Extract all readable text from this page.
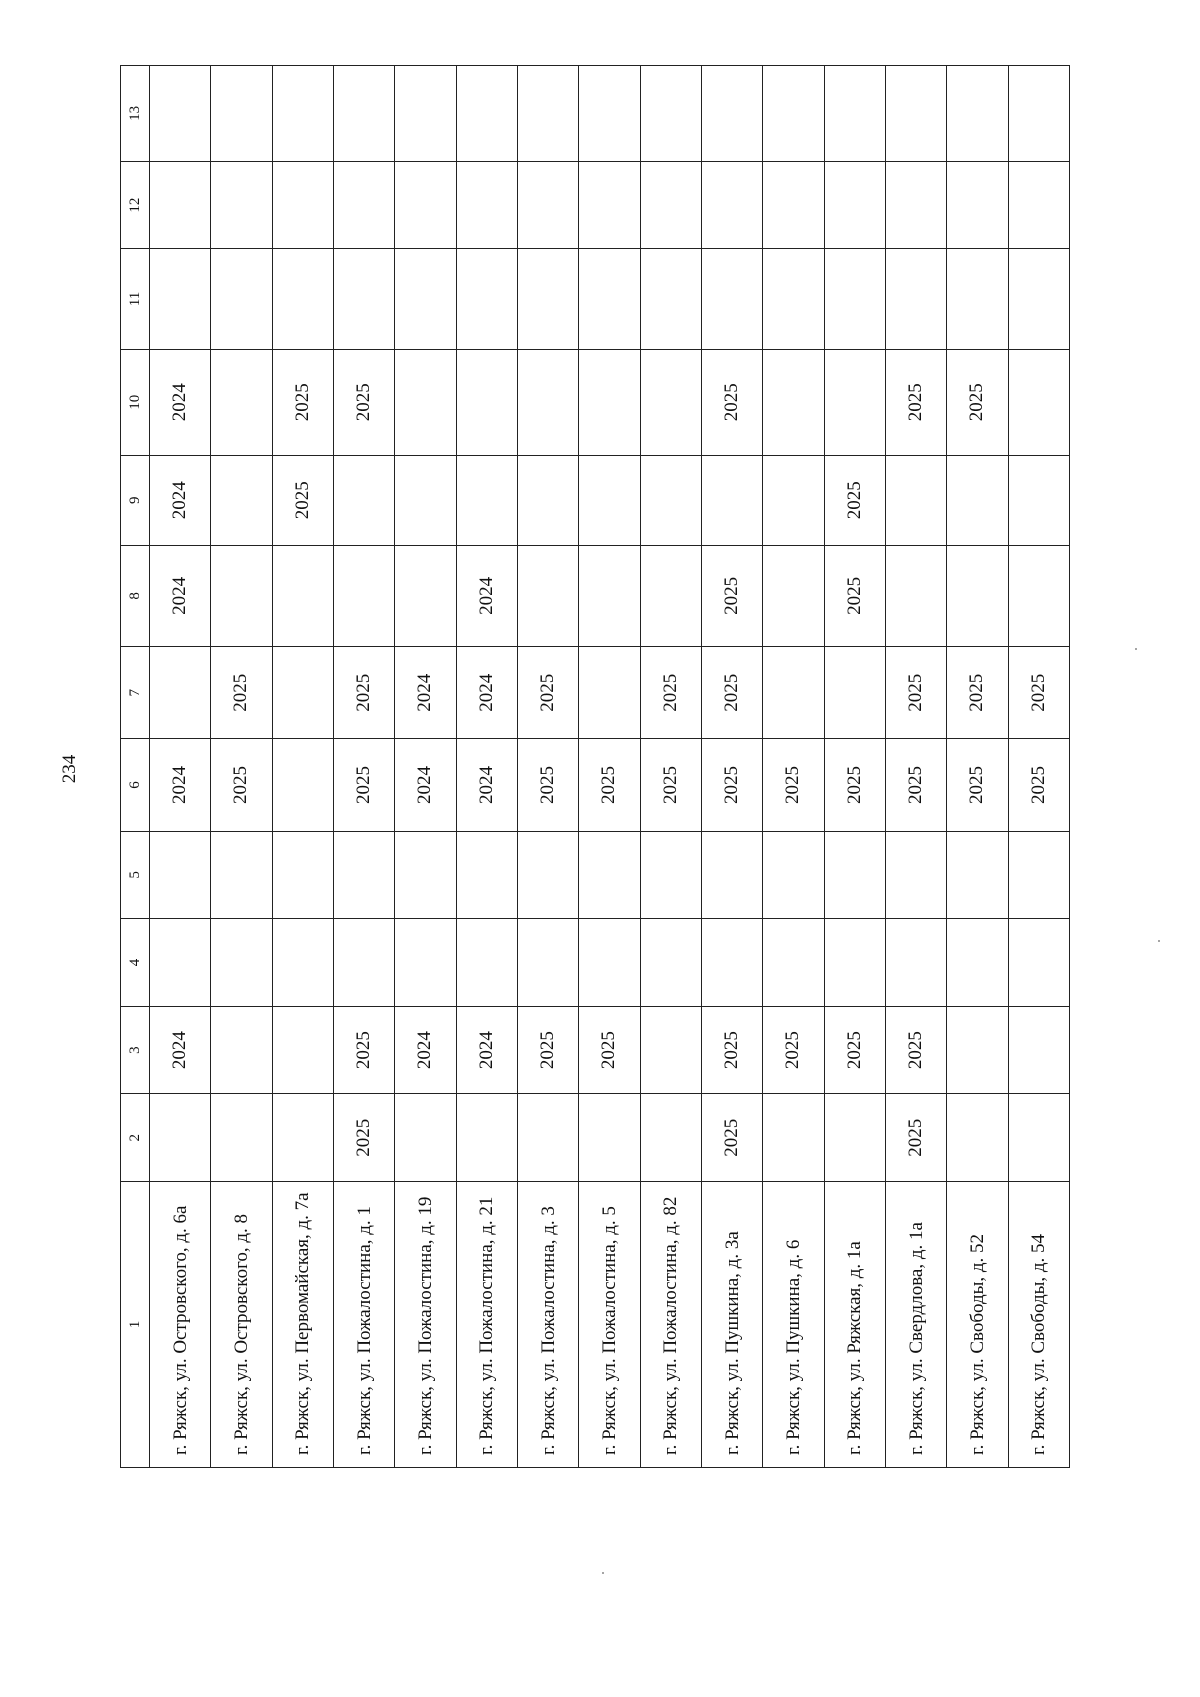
234
1	2	3	4	5	6	7	8	9	10	11	12	13
г. Ряжск, ул. Островского, д. 6а		2024			2024		2024	2024	2024			
г. Ряжск, ул. Островского, д. 8					2025	2025						
г. Ряжск, ул. Первомайская, д. 7а								2025	2025			
г. Ряжск, ул. Пожалостина, д. 1	2025	2025			2025	2025			2025			
г. Ряжск, ул. Пожалостина, д. 19		2024			2024	2024						
г. Ряжск, ул. Пожалостина, д. 21		2024			2024	2024	2024					
г. Ряжск, ул. Пожалостина, д. 3		2025			2025	2025						
г. Ряжск, ул. Пожалостина, д. 5		2025			2025							
г. Ряжск, ул. Пожалостина, д. 82					2025	2025						
г. Ряжск, ул. Пушкина, д. 3а	2025	2025			2025	2025	2025		2025			
г. Ряжск, ул. Пушкина, д. 6		2025			2025							
г. Ряжск, ул. Ряжская, д. 1а		2025			2025		2025	2025				
г. Ряжск, ул. Свердлова, д. 1а	2025	2025			2025	2025			2025			
г. Ряжск, ул. Свободы, д. 52					2025	2025			2025			
г. Ряжск, ул. Свободы, д. 54					2025	2025						
